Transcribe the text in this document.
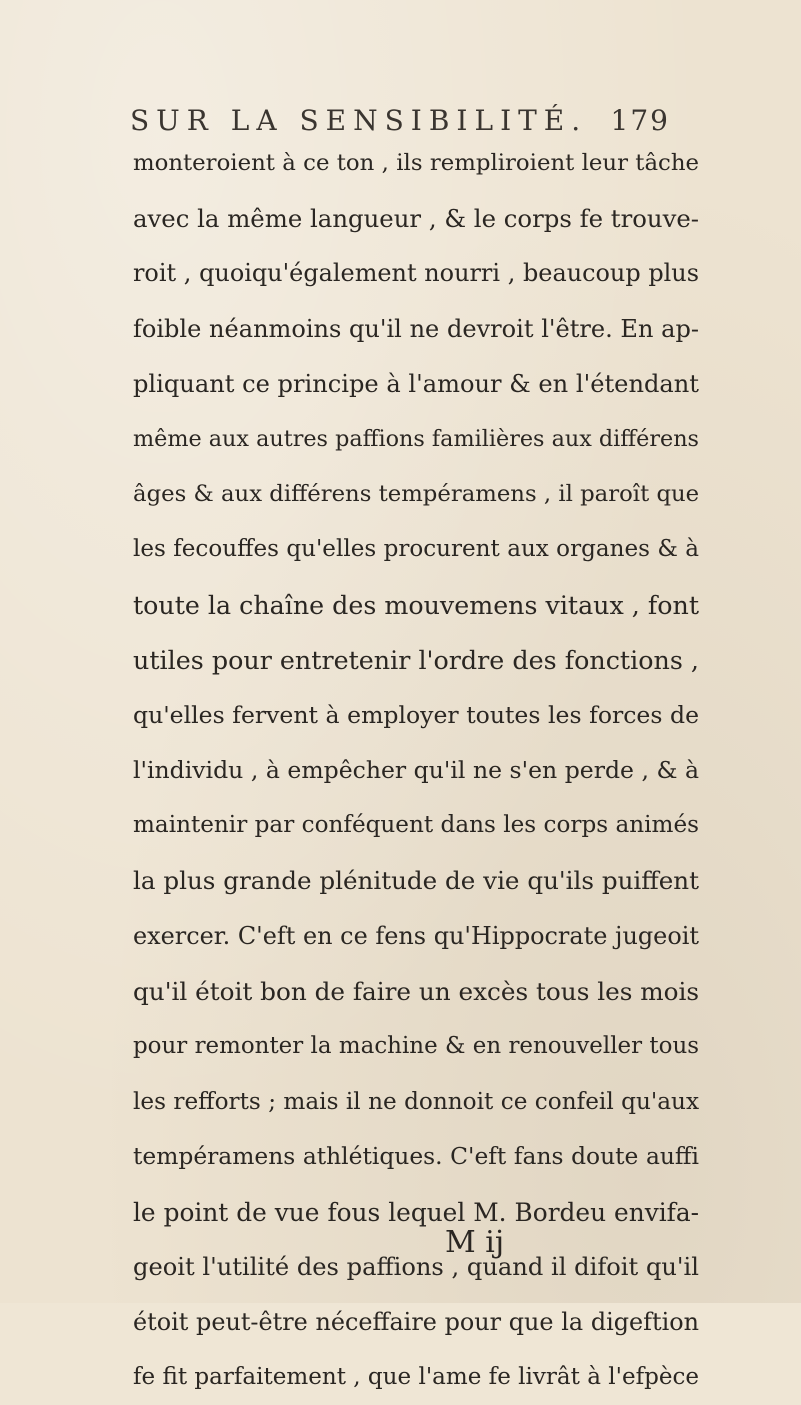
SUR LA SENSIBILITÉ. 179
monteroient à ce ton , ils rempliroient leur tâche
avec la même langueur , & le corps fe trouve-
roit , quoiqu'également nourri , beaucoup plus
foible néanmoins qu'il ne devroit l'être. En ap-
pliquant ce principe à l'amour & en l'étendant
même aux autres paffions familières aux différens
âges & aux différens tempéramens , il paroît que
les fecouffes qu'elles procurent aux organes & à
toute la chaîne des mouvemens vitaux , font
utiles pour entretenir l'ordre des fonctions ,
qu'elles fervent à employer toutes les forces de
l'individu , à empêcher qu'il ne s'en perde , & à
maintenir par conféquent dans les corps animés
la plus grande plénitude de vie qu'ils puiffent
exercer. C'eft en ce fens qu'Hippocrate jugeoit
qu'il étoit bon de faire un excès tous les mois
pour remonter la machine & en renouveller tous
les refforts ; mais il ne donnoit ce confeil qu'aux
tempéramens athlétiques. C'eft fans doute auffi
le point de vue fous lequel M. Bordeu envifa-
geoit l'utilité des paffions , quand il difoit qu'il
étoit peut-être néceffaire pour que la digeftion
fe fit parfaitement , que l'ame fe livrât à l'efpèce
M ij
